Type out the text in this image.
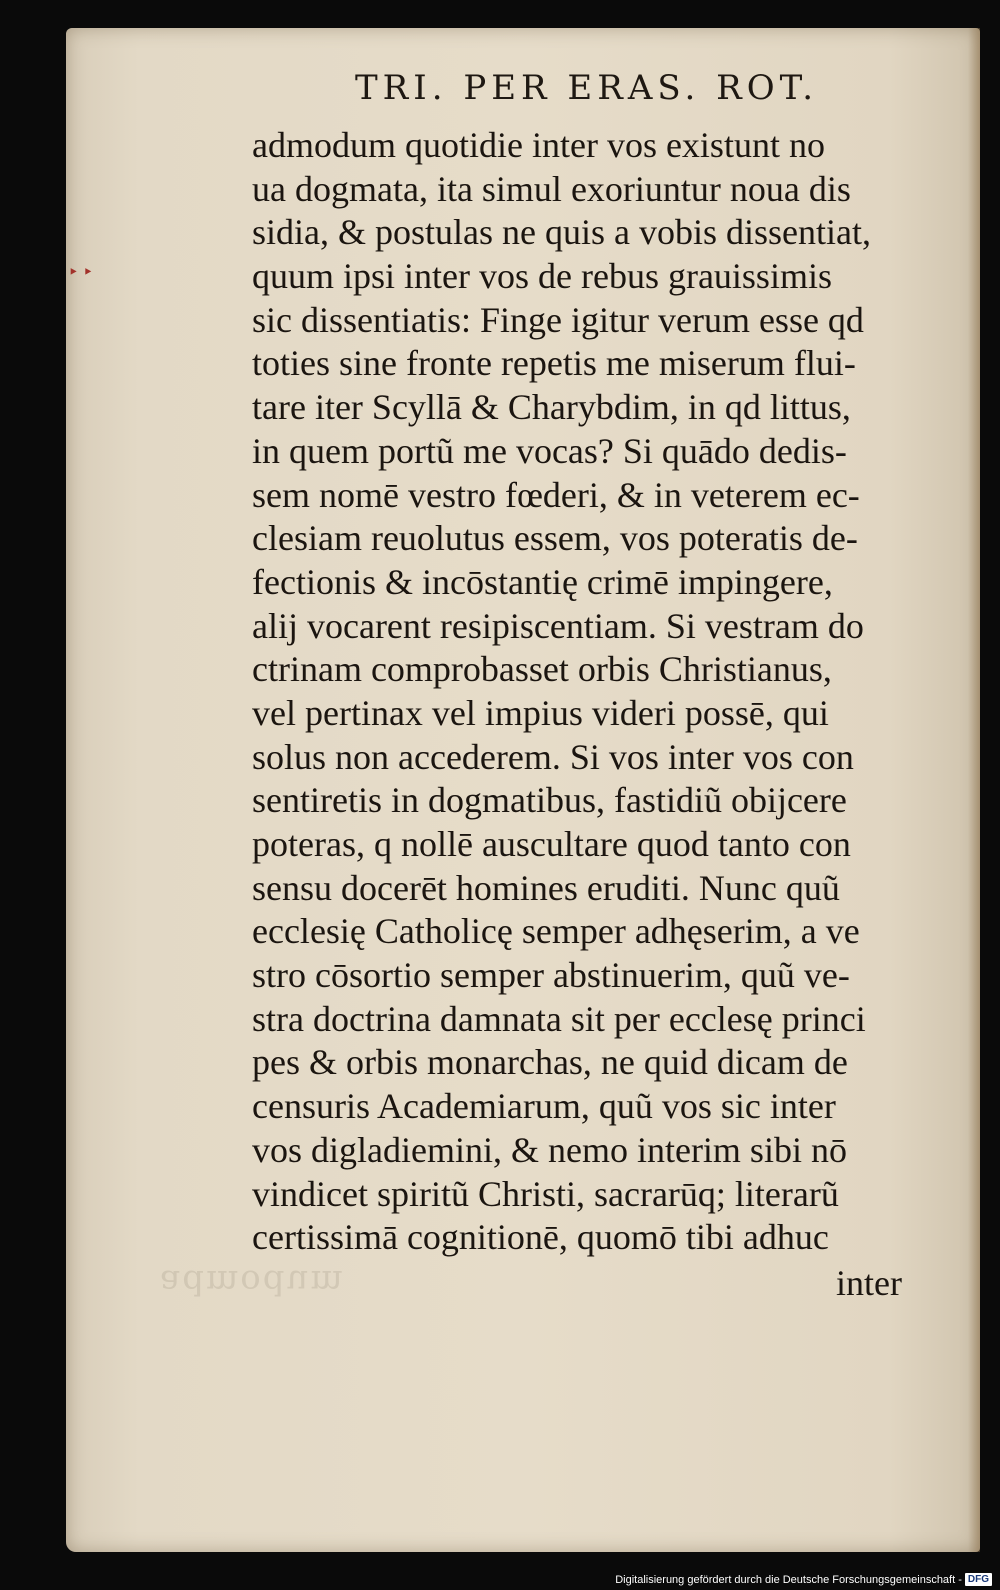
admodum
‣‣
TRI. PER ERAS. ROT.
admodum quotidie inter vos existunt no
ua dogmata, ita simul exoriuntur noua dis
sidia, & postulas ne quis a vobis dissentiat,
quum ipsi inter vos de rebus grauissimis
sic dissentiatis: Finge igitur verum esse qd
toties sine fronte repetis me miserum flui-
tare iter Scyllā & Charybdim, in qd littus,
in quem portũ me vocas? Si quādo dedis-
sem nomē vestro fœderi, & in veterem ec-
clesiam reuolutus essem, vos poteratis de-
fectionis & incōstantię crimē impingere,
alij vocarent resipiscentiam. Si vestram do
ctrinam comprobasset orbis Christianus,
vel pertinax vel impius videri possē, qui
solus non accederem. Si vos inter vos con
sentiretis in dogmatibus, fastidiũ obijcere
poteras, q nollē auscultare quod tanto con
sensu docerēt homines eruditi. Nunc quũ
ecclesię Catholicę semper adhęserim, a ve
stro cōsortio semper abstinuerim, quũ ve-
stra doctrina damnata sit per ecclesę princi
pes & orbis monarchas, ne quid dicam de
censuris Academiarum, quũ vos sic inter
vos digladiemini, & nemo interim sibi nō
vindicet spiritũ Christi, sacrarūq; literarũ
certissimā cognitionē, quomō tibi adhuc
inter
Digitalisierung gefördert durch die Deutsche Forschungsgemeinschaft - DFG
